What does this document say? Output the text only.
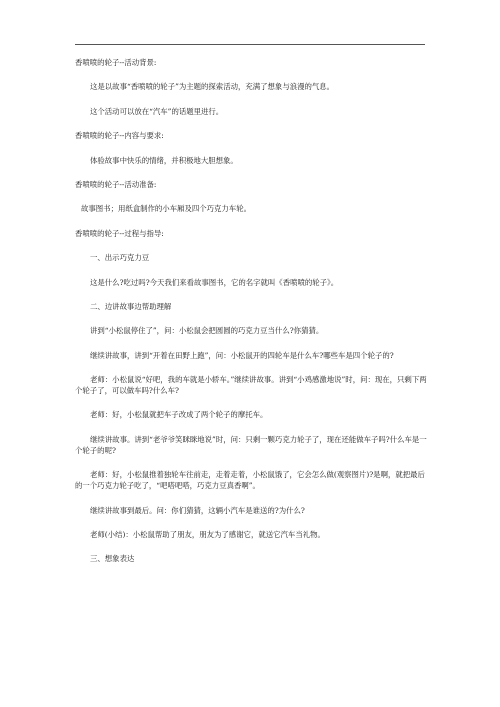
香喷喷的轮子--活动背景:

这是以故事“香喷喷的轮子”为主题的探索活动，充满了想象与浪漫的气息。

这个活动可以放在“汽车”的话题里进行。

香喷喷的轮子--内容与要求:

体验故事中快乐的情绪，并积极地大胆想象。

香喷喷的轮子--活动准备:

故事图书；用纸盒制作的小车厢及四个巧克力车轮。

香喷喷的轮子--过程与指导:

一、出示巧克力豆

这是什么?吃过吗?今天我们来看故事图书，它的名字就叫《香喷喷的轮子》。

二、边讲故事边帮助理解

讲到“小松鼠停住了”，问：小松鼠会把圆圆的巧克力豆当什么?你猜猜。

继续讲故事，讲到“开着在田野上跑”，问：小松鼠开的四轮车是什么车?哪些车是四个轮子的?

老师：小松鼠说“好吧，我的车就是小轿车。”继续讲故事。讲到“小鸡感激地说”时，问：现在，只剩下两个轮子了，可以做车吗?什么车?

老师：好，小松鼠就把车子改成了两个轮子的摩托车。

继续讲故事。讲到“老爷爷笑眯眯地说”时，问：只剩一颗巧克力轮子了，现在还能做车子吗?什么车是一个轮子的呢?

老师：好，小松鼠推着独轮车往前走，走着走着，小松鼠饿了，它会怎么做(观察图片)?是啊，就把最后的一个巧克力轮子吃了，“吧嗒吧嗒，巧克力豆真香啊”。

继续讲故事到最后。问：你们猜猜，这辆小汽车是谁送的?为什么?

老师(小结)：小松鼠帮助了朋友，朋友为了感谢它，就送它汽车当礼物。

三、想象表达
